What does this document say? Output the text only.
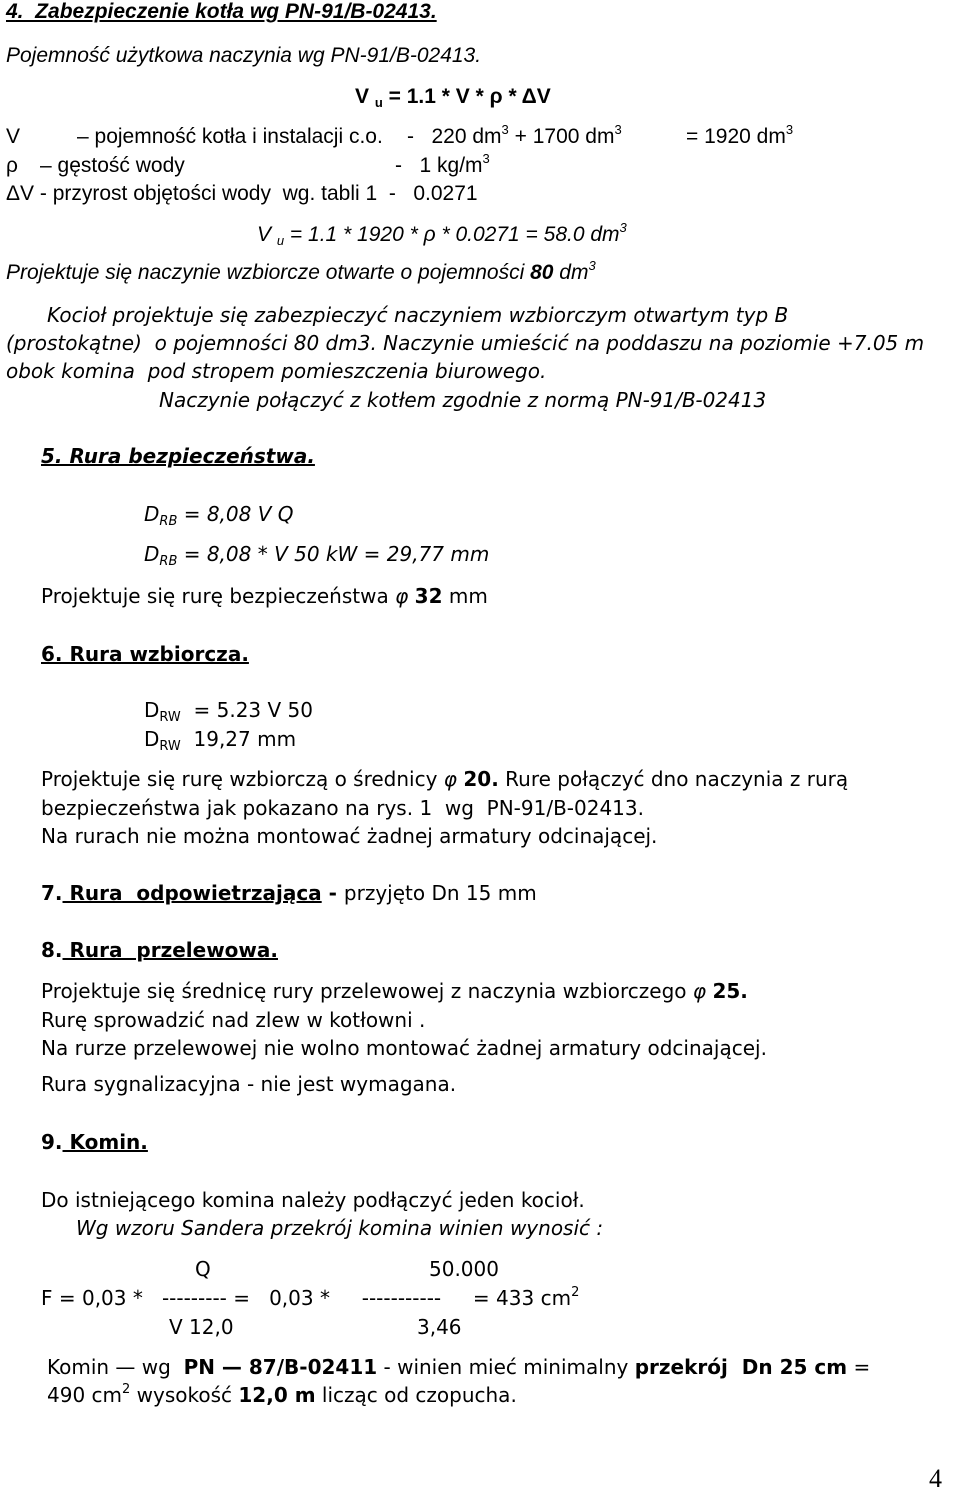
4.  Zabezpieczenie kotła wg PN-91/B-02413.
Pojemność użytkowa naczynia wg PN-91/B-02413.
V $_u$ = 1.1 * V * ρ * ΔV
V	– pojemność kotła i instalacji c.o. -   220 $dm^3 + 1700$ $dm^3$	= 1920 $dm^3$
ρ – gęstość wody	-   1 $kg/m^3$
ΔV - przyrost objętości wody  wg. tabli 1  -   0.0271
V $_u$ = 1.1 * 1920 * ρ * 0.0271 = 58.0 $dm^3$
Projektuje się naczynie wzbiorcze otwarte o pojemności 80 $dm^3$
Kocioł projektuje się zabezpieczyć naczyniem wzbiorczym otwartym typ B
(prostokątne)  o pojemności 80 dm3. Naczynie umieścić na poddaszu na poziomie +7.05 m
obok komina  pod stropem pomieszczenia biurowego.
Naczynie połączyć z kotłem zgodnie z normą PN-91/B-02413
5. Rura bezpieczeństwa.
$D_{RB} = 8,08$ V Q
$D_{RB} = 8,08 * V$ 50 kW = 29,77 mm
Projektuje się rurę bezpieczeństwa φ 32 mm
6. Rura wzbiorcza.
$D_{RW} = 5.23$ V 50
$D_{RW}$  19,27 mm
Projektuje się rurę wzbiorczą o średnicy φ 20. Rure połączyć dno naczynia z rurą
bezpieczeństwa jak pokazano na rys. 1  wg  PN-91/B-02413.
Na rurach nie można montować żadnej armatury odcinającej.
7. Rura  odpowietrzająca - przyjęto Dn 15 mm
8. Rura  przelewowa.
Projektuje się średnicę rury przelewowej z naczynia wzbiorczego φ 25.
Rurę sprowadzić nad zlew w kotłowni .
Na rurze przelewowej nie wolno montować żadnej armatury odcinającej.
Rura sygnalizacyjna - nie jest wymagana.
9. Komin.
Do istniejącego komina należy podłączyć jeden kocioł.
Wg wzoru Sandera przekrój komina winien wynosić :
Q	50.000
F = 0,03 *   --------- =   0,03 *     -----------     = 433 $cm^2$
V 12,0	3,46
Komin — wg  PN — 87/B-02411 - winien mieć minimalny przekrój  Dn 25 cm =
490 $cm^2$ wysokość 12,0 m licząc od czopucha.
4
